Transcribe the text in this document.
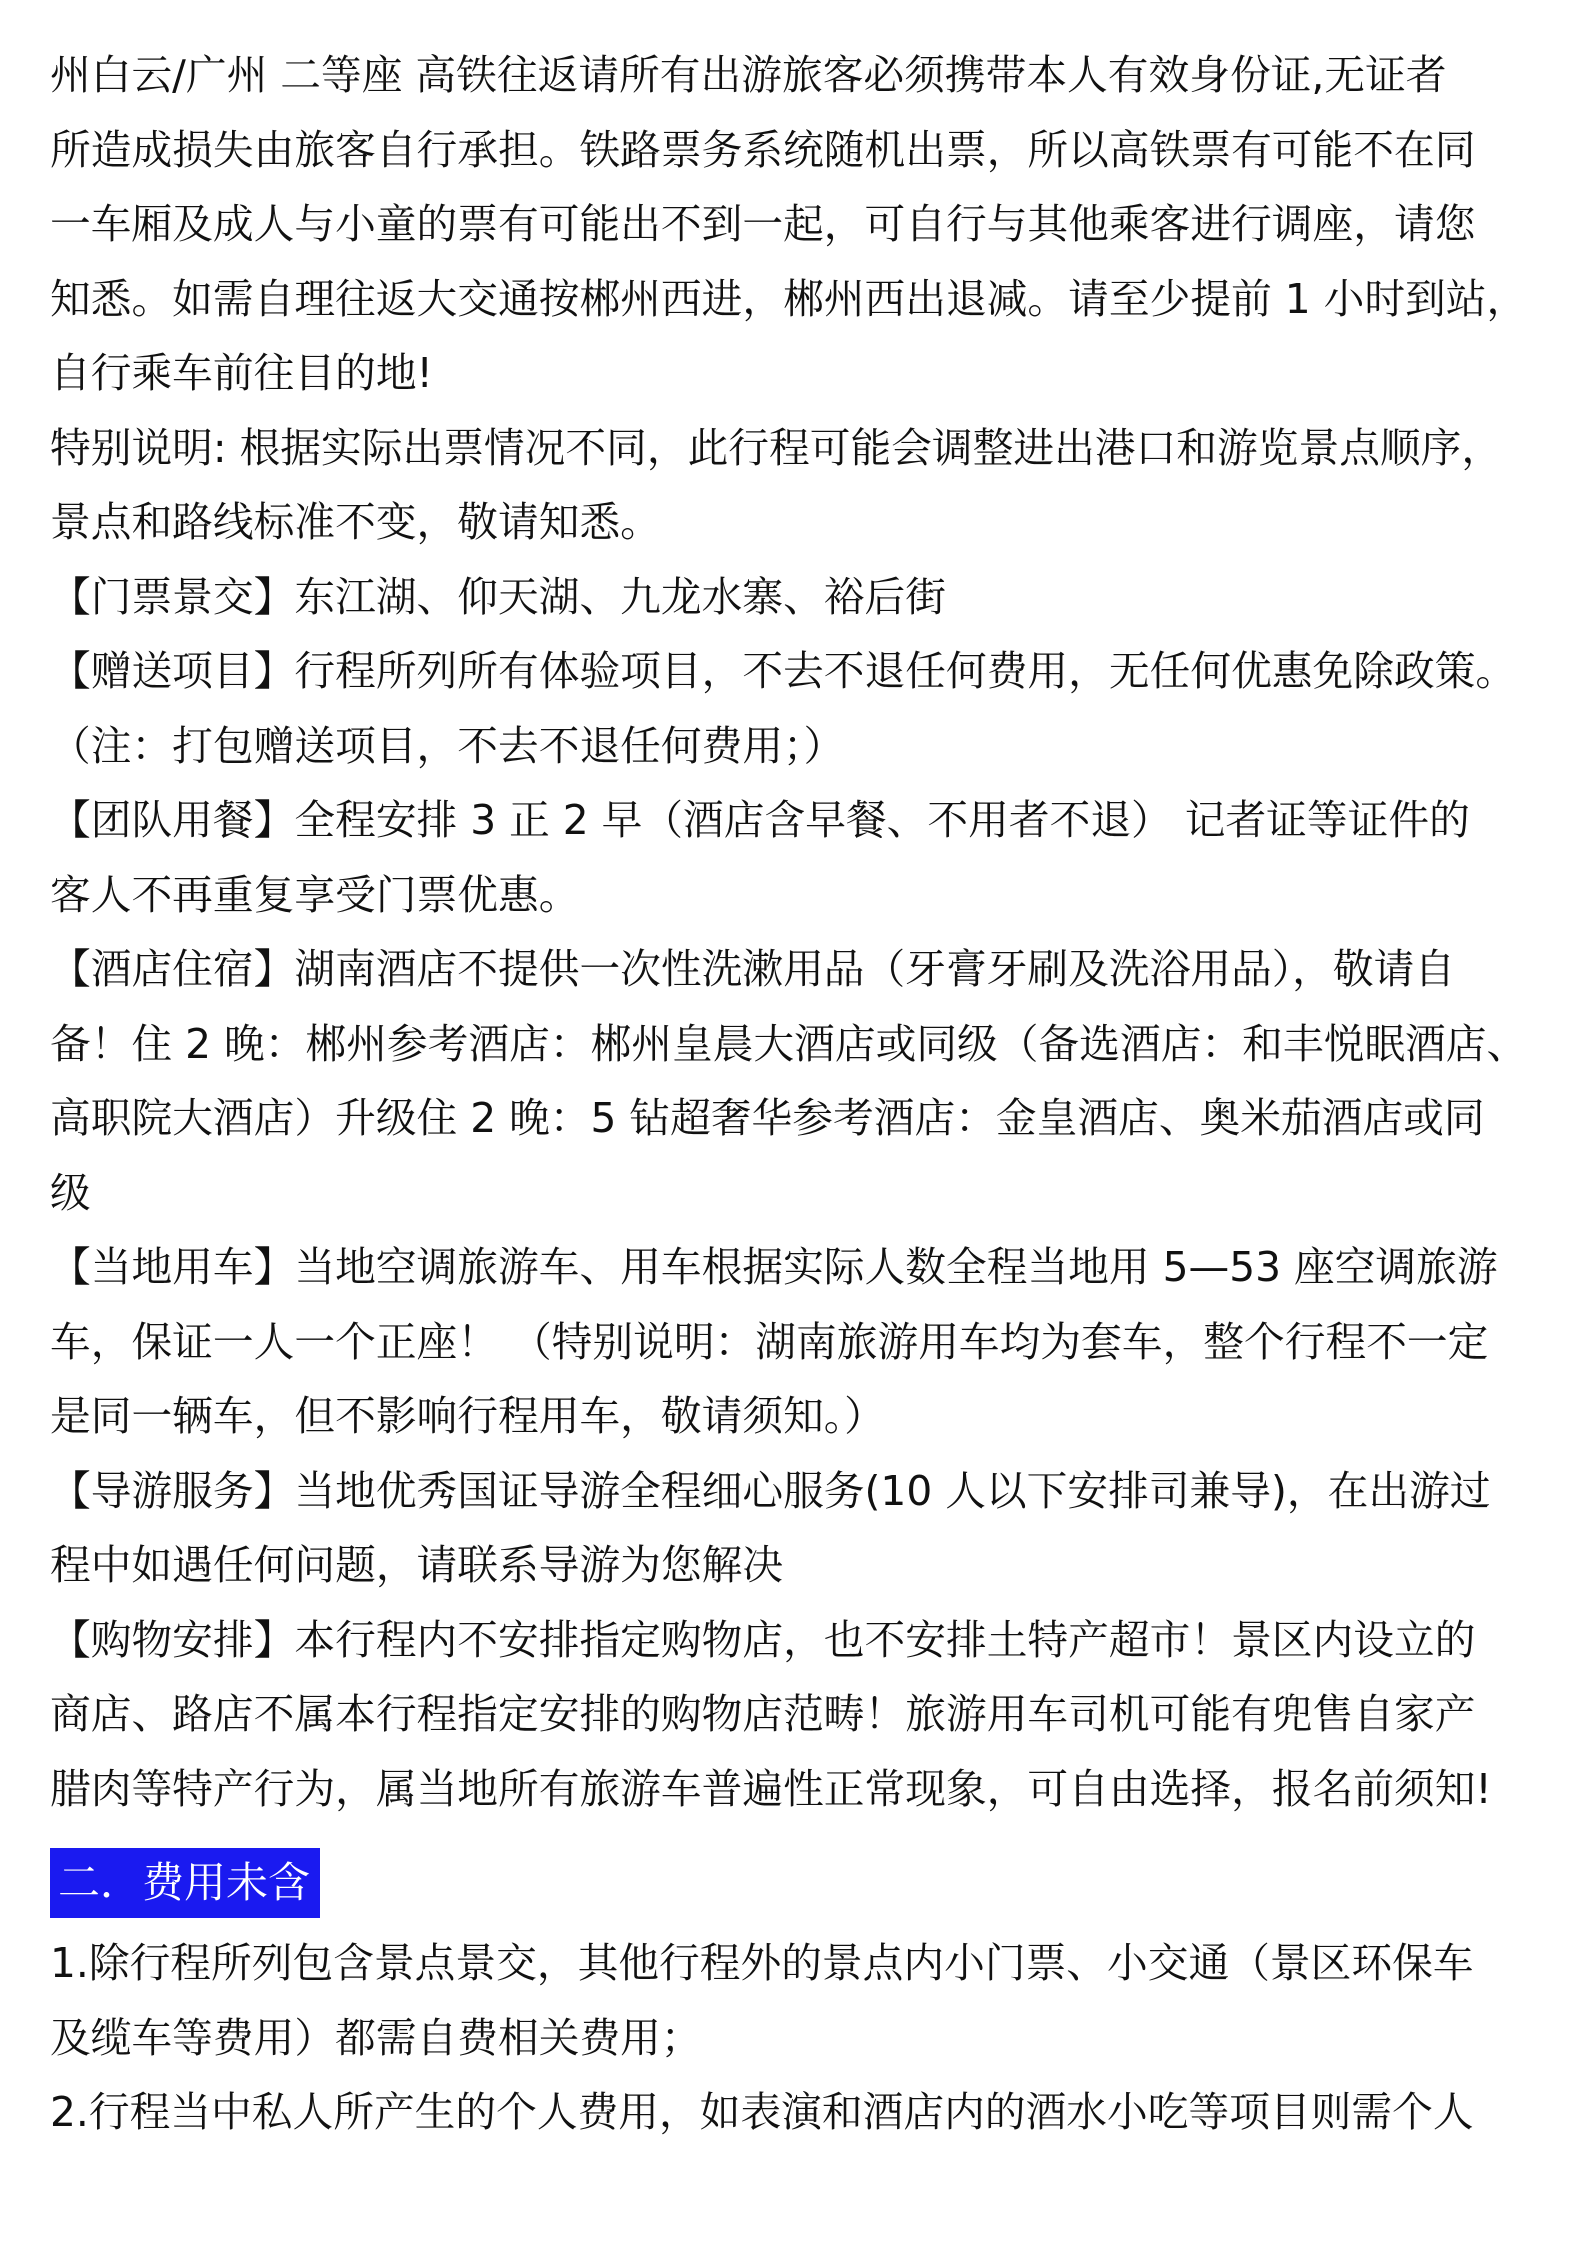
州白云/广州 二等座 高铁往返请所有出游旅客必须携带本人有效身份证,无证者
所造成损失由旅客自行承担。铁路票务系统随机出票，所以高铁票有可能不在同
一车厢及成人与小童的票有可能出不到一起，可自行与其他乘客进行调座，请您
知悉。如需自理往返大交通按郴州西进，郴州西出退减。请至少提前 1 小时到站，
自行乘车前往目的地!
特别说明: 根据实际出票情况不同，此行程可能会调整进出港口和游览景点顺序，
景点和路线标准不变，敬请知悉。
【门票景交】东江湖、仰天湖、九龙水寨、裕后街
【赠送项目】行程所列所有体验项目，不去不退任何费用，无任何优惠免除政策。
（注：打包赠送项目，不去不退任何费用；）
【团队用餐】全程安排 3 正 2 早（酒店含早餐、不用者不退） 记者证等证件的
客人不再重复享受门票优惠。
【酒店住宿】湖南酒店不提供一次性洗漱用品（牙膏牙刷及洗浴用品），敬请自
备！住 2 晚：郴州参考酒店：郴州皇晨大酒店或同级（备选酒店：和丰悦眠酒店、
高职院大酒店）升级住 2 晚：5 钻超奢华参考酒店：金皇酒店、奥米茄酒店或同
级
【当地用车】当地空调旅游车、用车根据实际人数全程当地用 5—53 座空调旅游
车，保证一人一个正座！ （特别说明：湖南旅游用车均为套车，整个行程不一定
是同一辆车，但不影响行程用车，敬请须知。）
【导游服务】当地优秀国证导游全程细心服务(10 人以下安排司兼导)，在出游过
程中如遇任何问题，请联系导游为您解决
【购物安排】本行程内不安排指定购物店，也不安排土特产超市！景区内设立的
商店、路店不属本行程指定安排的购物店范畴！旅游用车司机可能有兜售自家产
腊肉等特产行为，属当地所有旅游车普遍性正常现象，可自由选择，报名前须知!
二．费用未含
1.除行程所列包含景点景交，其他行程外的景点内小门票、小交通（景区环保车
及缆车等费用）都需自费相关费用；
2.行程当中私人所产生的个人费用，如表演和酒店内的酒水小吃等项目则需个人
